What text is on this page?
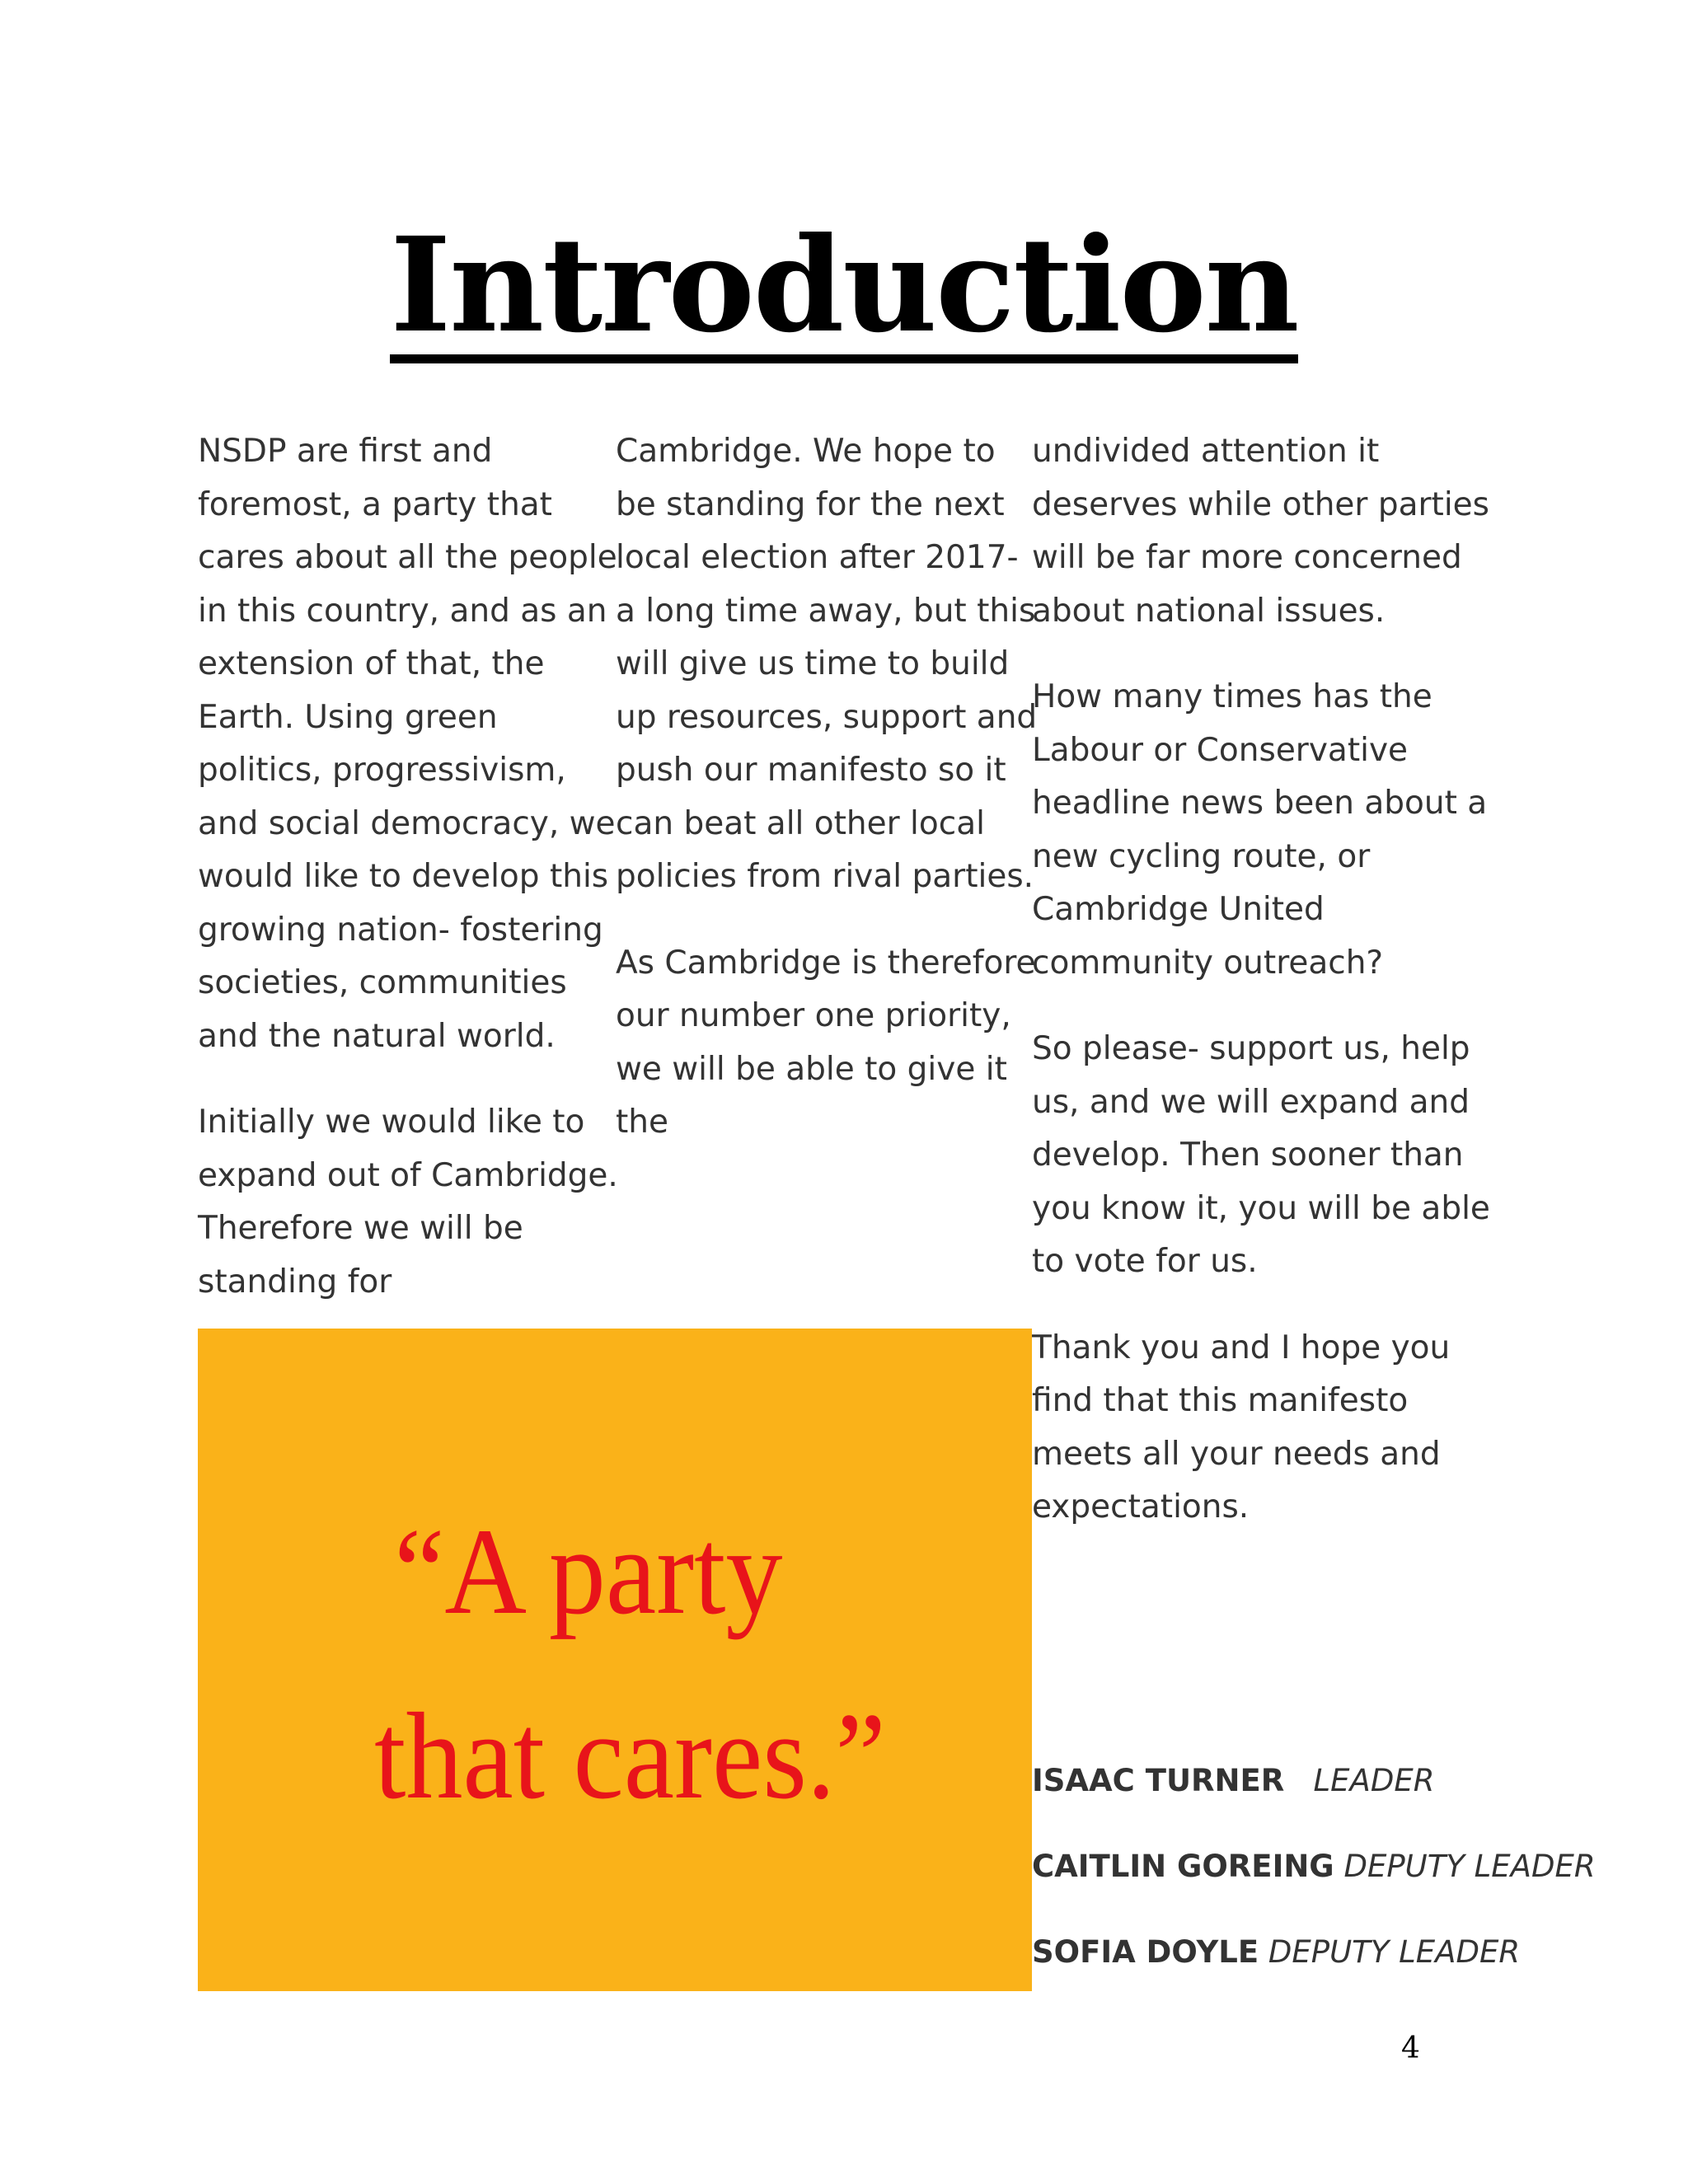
Introduction

NSDP are first and foremost, a party that cares about all the people in this country, and as an extension of that, the Earth. Using green politics, progressivism, and social democracy, we would like to develop this growing nation- fostering societies, communities and the natural world.

Initially we would like to expand out of Cambridge. Therefore we will be standing for

Cambridge. We hope to be standing for the next local election after 2017- a long time away, but this will give us time to build up resources, support and push our manifesto so it can beat all other local policies from rival parties.

As Cambridge is therefore our number one priority, we will be able to give it the

undivided attention it deserves while other parties will be far more concerned about national issues.

How many times has the Labour or Conservative headline news been about a new cycling route, or Cambridge United community outreach?

So please- support us, help us, and we will expand and develop. Then sooner than you know it, you will be able to vote for us.

Thank you and I hope you find that this manifesto meets all your needs and expectations.

“A party
that cares.”	ISAAC TURNER LEADER
CAITLIN GOREING DEPUTY LEADER
SOFIA DOYLE DEPUTY LEADER
4
